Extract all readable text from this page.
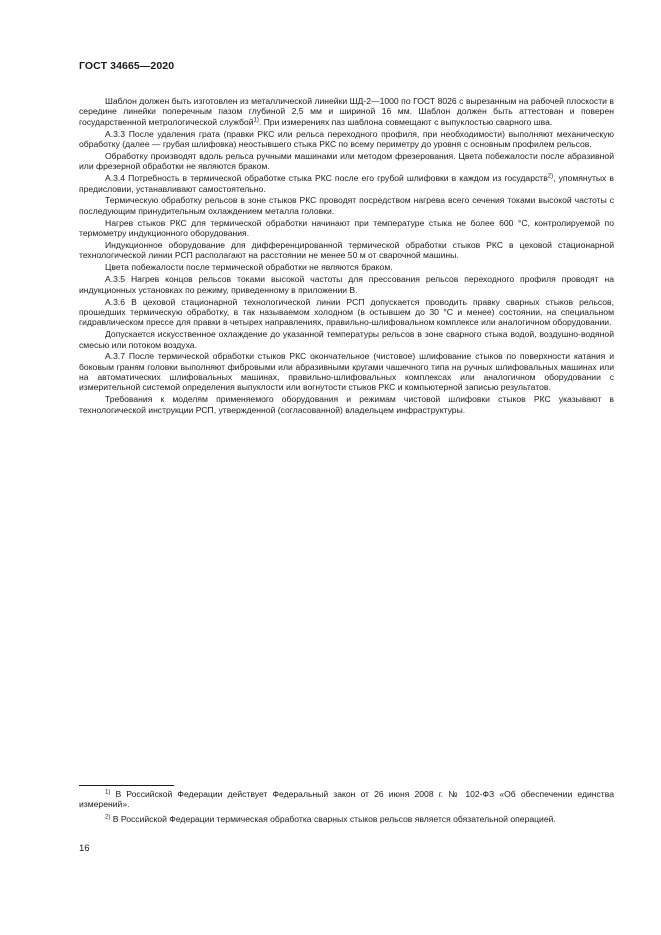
ГОСТ 34665—2020

Шаблон должен быть изготовлен из металлической линейки ШД-2—1000 по ГОСТ 8026 с вырезанным на рабочей плоскости в середине линейки поперечным пазом глубиной 2,5 мм и шириной 16 мм. Шаблон должен быть аттестован и поверен государственной метрологической службой$^{1)}$. При измерениях паз шаблона совмещают с выпуклостью сварного шва.

А.3.3 После удаления грата (правки РКС или рельса переходного профиля, при необходимости) выполняют механическую обработку (далее — грубая шлифовка) неостывшего стыка РКС по всему периметру до уровня с основным профилем рельсов.

Обработку производят вдоль рельса ручными машинами или методом фрезерования. Цвета побежалости после абразивной или фрезерной обработки не являются браком.

А.3.4 Потребность в термической обработке стыка РКС после его грубой шлифовки в каждом из государств$^{2)}$, упомянутых в предисловии, устанавливают самостоятельно.

Термическую обработку рельсов в зоне стыков РКС проводят посредством нагрева всего сечения токами высокой частоты с последующим принудительным охлаждением металла головки.

Нагрев стыков РКС для термической обработки начинают при температуре стыка не более 600 °С, контролируемой по термометру индукционного оборудования.

Индукционное оборудование для дифференцированной термической обработки стыков РКС в цеховой стационарной технологической линии РСП располагают на расстоянии не менее 50 м от сварочной машины.

Цвета побежалости после термической обработки не являются браком.

А.3.5 Нагрев концов рельсов токами высокой частоты для прессования рельсов переходного профиля проводят на индукционных установках по режиму, приведенному в приложении В.

А.3.6 В цеховой стационарной технологической линии РСП допускается проводить правку сварных стыков рельсов, прошедших термическую обработку, в так называемом холодном (в остывшем до 30 °С и менее) состоянии, на специальном гидравлическом прессе для правки в четырех направлениях, правильно-шлифовальном комплексе или аналогичном оборудовании.

Допускается искусственное охлаждение до указанной температуры рельсов в зоне сварного стыка водой, воздушно-водяной смесью или потоком воздуха.

А.3.7 После термической обработки стыков РКС окончательное (чистовое) шлифование стыков по поверхности катания и боковым граням головки выполняют фибровыми или абразивными кругами чашечного типа на ручных шлифовальных машинах или на автоматических шлифовальных машинах, правильно-шлифовальных комплексах или аналогичном оборудовании с измерительной системой определения выпуклости или вогнутости стыков РКС и компьютерной записью результатов.

Требования к моделям применяемого оборудования и режимам чистовой шлифовки стыков РКС указывают в технологической инструкции РСП, утвержденной (согласованной) владельцем инфраструктуры.

$^{1)}$ В Российской Федерации действует Федеральный закон от 26 июня 2008 г. № 102-ФЗ «Об обеспечении единства измерений».

$^{2)}$ В Российской Федерации термическая обработка сварных стыков рельсов является обязательной операцией.

16
